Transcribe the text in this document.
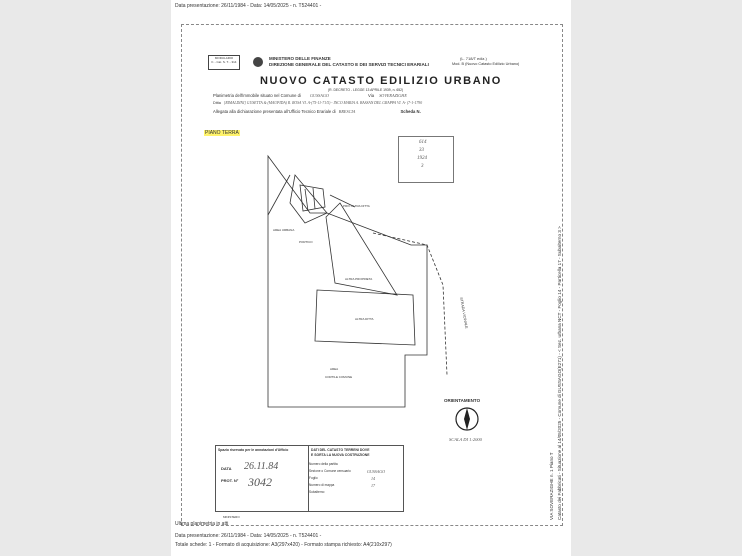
Data presentazione: 26/11/1984 - Data: 14/05/2025 - n. T524401 -
MODULARIO
F. - Cat. S. T. - 314
MINISTERO DELLE FINANZE
DIREZIONE GENERALE DEL CATASTO E DEI SERVIZI TECNICI ERARIALI
(L. 718/T ediz.)
Mod. B (Nuovo Catasto Edilizio Urbano)
NUOVO CATASTO EDILIZIO URBANO
(R. DECRETO - LEGGE 13 APRILE 1939, n. 652)
Planimetria dell'immobile situato nel Comune di GUSSAGO	Via SOVERAZIGHE
Ditta [RIMALDINI] GUSETTA & (MAUPIDA) R. ROSA VI. A-(75-11-71/5) - INCO MARIA A. BASSAN DEL GRAPPA VI. A- (7-1-1790
Allegata alla dichiarazione presentata all'Ufficio Tecnico Erariale di BRESCIA	Scheda N.
PIANO TERRA
614
33
1924
3
AREA URBANA
PORTICO
PRIV. ALTRA DITTA
ALTRA PROPRIETA
ALTRA DITTA
AREA
CORTILE COMUNE
STRADA VICINALE
ORIENTAMENTO
SCALA DI 1:2000
Spazio riservato per le annotazioni d'Ufficio
DATA 26.11.84
PROT. N° 3042
DATI DEL CATASTO TERRENI DOVE
E SORTA LA NUOVA COSTRUZIONE
Numero della partita
Sezione o Comune censuario	GUSSAGO
Foglio	14
Numero di mappa	17
Subalterno
MINISTERO	Catasto dei Fabbricati - Situazione al 14/05/2025 - Comune di GUSSAGO(E271) - < Sez. urbana NCT - Foglio 14 - Particella 17 - Subalterno 3 >
VIA SOVERAZIGHE n. 1 Piano T
Ultima planimetria in atti
Data presentazione: 26/11/1984 - Data: 14/05/2025 - n. T524401 -
Totale schede: 1 - Formato di acquisizione: A3(297x420) - Formato stampa richiesto: A4(210x297)
